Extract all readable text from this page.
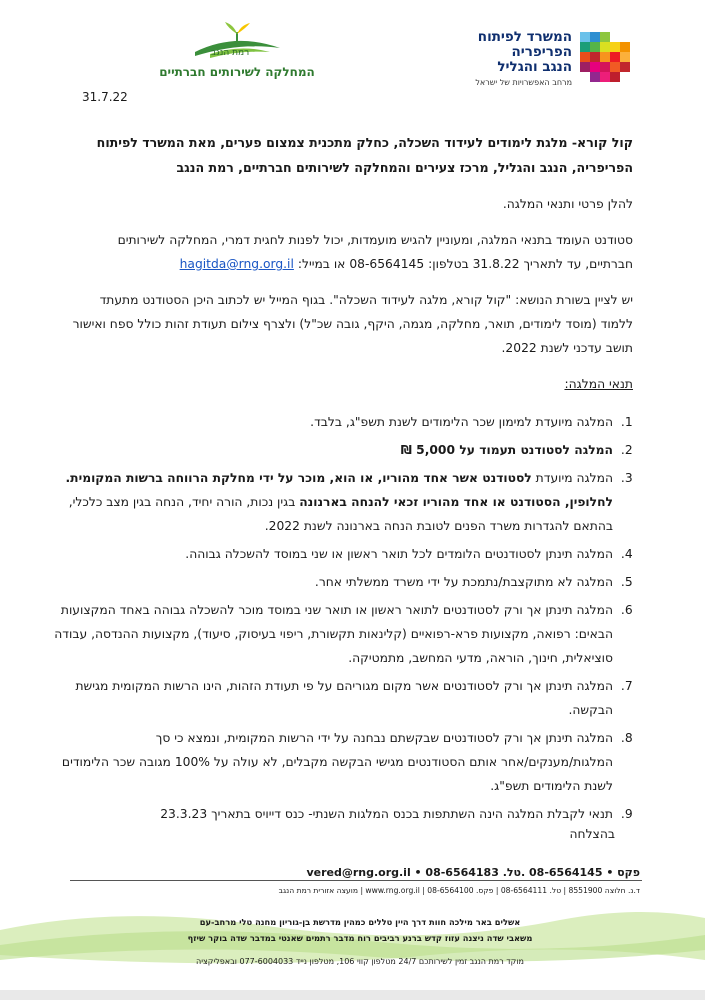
המשרד לפיתוח
הפריפריה
הנגב והגליל
מרחב האפשרויות של ישראל
רמת הנגב
המחלקה לשירותים חברתיים
31.7.22
קול קורא- מלגת לימודים לעידוד השכלה, כחלק מתכנית צמצום פערים, מאת המשרד לפיתוח הפריפריה, הנגב והגליל, מרכז צעירים והמחלקה לשירותים חברתיים, רמת הנגב
להלן פרטי ותנאי המלגה.
סטודנט העומד בתנאי המלגה, ומעוניין להגיש מועמדות, יכול לפנות לחגית דמרי, המחלקה לשירותים חברתיים, עד לתאריך 31.8.22 בטלפון: 08-6564145 או במייל: hagitda@rng.org.il
יש לציין בשורת הנושא: "קול קורא, מלגה לעידוד השכלה". בגוף המייל יש לכתוב היכן הסטודנט מתעתד ללמוד (מוסד לימודים, תואר, מחלקה, מגמה, היקף, גובה שכ"ל) ולצרף צילום תעודת זהות כולל ספח ואישור תושב עדכני לשנת 2022.
תנאי המלגה:
1. המלגה מיועדת למימון שכר הלימודים לשנת תשפ"ג, בלבד.
2. המלגה לסטודנט תעמוד על 5,000 ₪
3. המלגה מיועדת לסטודנט אשר אחד מהוריו, או הוא, מוכר על ידי מחלקת הרווחה ברשות המקומית. לחלופין, הסטודנט או אחד מהוריו זכאי להנחה בארנונה בגין נכות, הורה יחיד, הנחה בגין מצב כלכלי, בהתאם להגדרות משרד הפנים לטובת הנחה בארנונה לשנת 2022.
4. המלגה תינתן לסטודנטים הלומדים לכל תואר ראשון או שני במוסד להשכלה גבוהה.
5. המלגה לא מתוקצבת/נתמכת על ידי משרד ממשלתי אחר.
6. המלגה תינתן אך ורק לסטודנטים לתואר ראשון או תואר שני במוסד מוכר להשכלה גבוהה באחד המקצועות הבאים: רפואה, מקצועות פרא-רפואיים (קלינאות תקשורת, ריפוי בעיסוק, סיעוד), מקצועות ההנדסה, עבודה סוציאלית, חינוך, הוראה, מדעי המחשב, מתמטיקה.
7. המלגה תינתן אך ורק לסטודנטים אשר מקום מגוריהם על פי תעודת הזהות, הינו הרשות המקומית מגישת הבקשה.
8. המלגה תינתן אך ורק לסטודנטים שבקשתם נבחנה על ידי הרשות המקומית, ונמצא כי סך המלגות/מענקים/אחר אותם הסטודנטים מגישי הבקשה מקבלים, לא עולה על 100% מגובה שכר הלימודים לשנת הלימודים תשפ"ג.
9. תנאי לקבלת המלגה הינה השתתפות בכנס המלגות השנתי- כנס דייויס בתאריך 23.3.23
בהצלחה
vered@rng.org.il • 08-6564183 .פקס • 08-6564145 .טל
ד.נ. חלוצה 8551900 | טל. 08-6564111 | פקס. 08-6564100 | www.rng.org.il | מועצה אזורית רמת הנגב
אשלים באר מילכה חוות דרך היין טללים כמהין מדרשת בן-גוריון מחנה טלי מרחב-עם
משאבי שדה ניצנה עזוז קדש ברנע רביבים רוח מדבר רתמים שאנטי במדבר שדה בוקר שיזף
מוקד רמת הנגב זמין לשירותכם 24/7 מטלפון קווי 106, מטלפון נייד 077-6004033 ובאפליקציה
